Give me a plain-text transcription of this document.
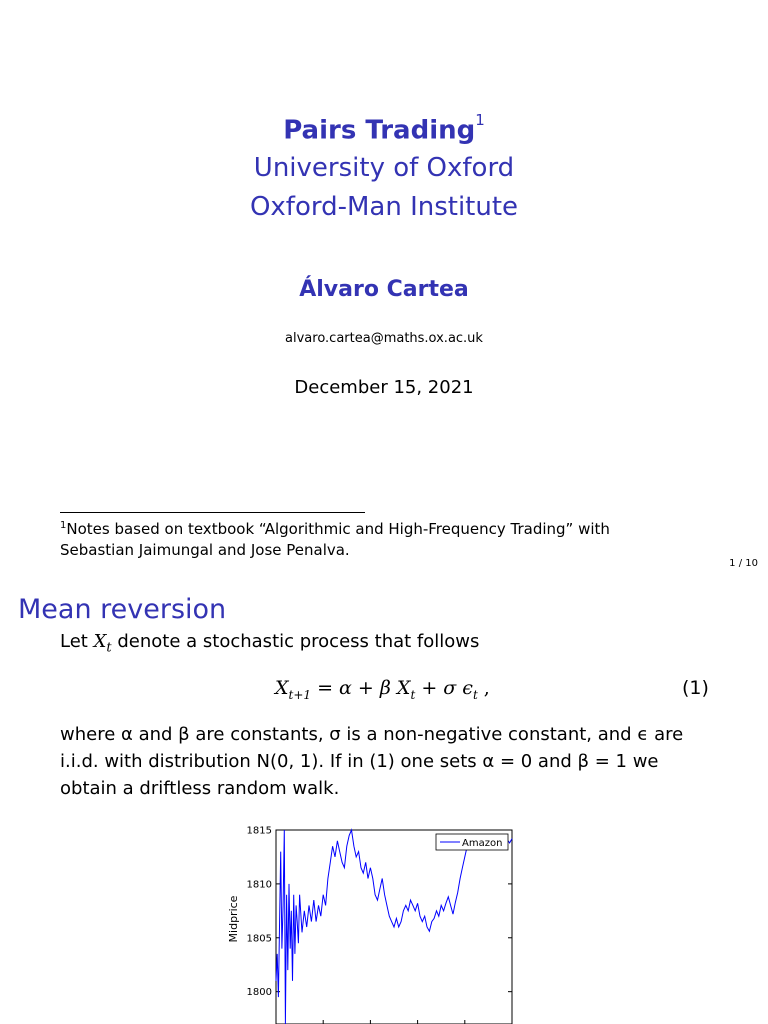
Pairs Trading$^1$
University of Oxford
Oxford-Man Institute
Álvaro Cartea
alvaro.cartea@maths.ox.ac.uk
December 15, 2021
$^1$Notes based on textbook “Algorithmic and High-Frequency Trading” with
Sebastian Jaimungal and Jose Penalva.
1 / 10
Mean reversion
Let $X_t$ denote a stochastic process that follows
$X_{t+1} = \alpha + \beta$ $X_t + \sigma$ $\epsilon_t$ ,	(1)
where α and β are constants, σ is a non-negative constant, and ϵ are
i.i.d. with distribution N(0, 1). If in (1) one sets α = 0 and β = 1 we
obtain a driftless random walk.
1800
1805
1810
1815
Midprice
Amazon
